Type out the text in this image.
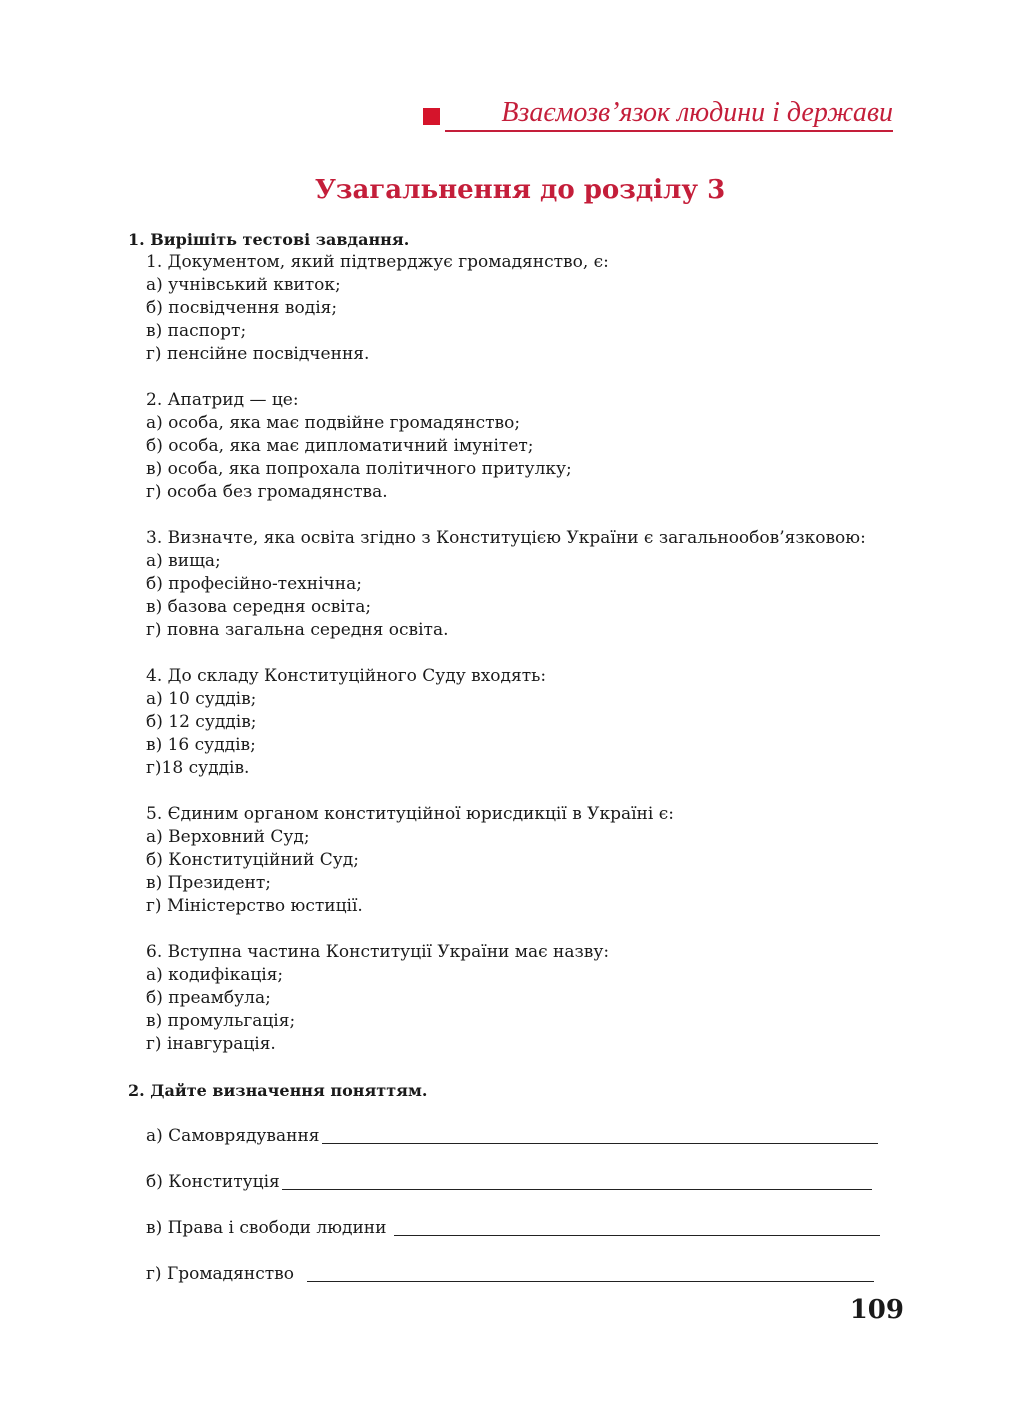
Взаємозв’язок людини і держави
Узагальнення до розділу 3
1. Вирішіть тестові завдання.
1. Документом, який підтверджує громадянство, є:
а) учнівський квиток;
б) посвідчення водія;
в) паспорт;
г) пенсійне посвідчення.
2. Апатрид — це:
а) особа, яка має подвійне громадянство;
б) особа, яка має дипломатичний імунітет;
в) особа, яка попрохала політичного притулку;
г) особа без громадянства.
3. Визначте, яка освіта згідно з Конституцією України є загальнообов’язковою:
а) вища;
б) професійно-технічна;
в) базова середня освіта;
г) повна загальна середня освіта.
4. До складу Конституційного Суду входять:
а) 10 суддів;
б) 12 суддів;
в) 16 суддів;
г)18 суддів.
5. Єдиним органом конституційної юрисдикції в Україні є:
а) Верховний Суд;
б) Конституційний Суд;
в) Президент;
г) Міністерство юстиції.
6. Вступна частина Конституції України має назву:
а) кодифікація;
б) преамбула;
в) промульгація;
г) інавгурація.
2. Дайте визначення поняттям.
а) Самоврядування
б) Конституція
в) Права і свободи людини
г) Громадянство
109
